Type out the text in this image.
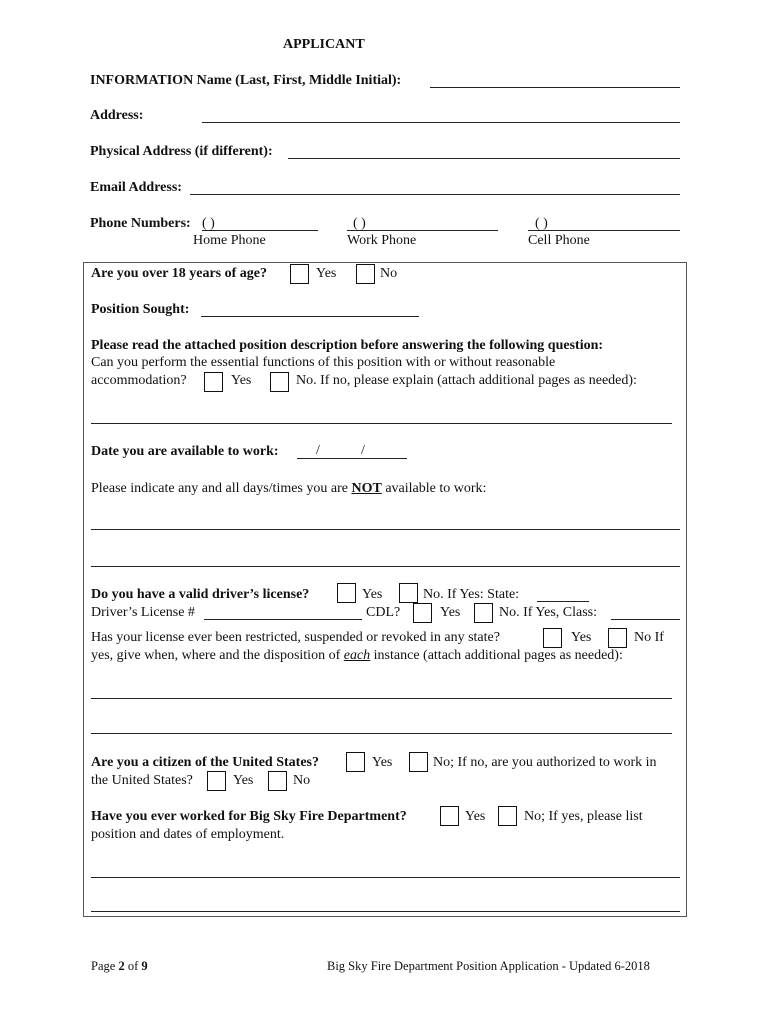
APPLICANT
INFORMATION Name (Last, First, Middle Initial):
Address:
Physical Address (if different):
Email Address:
Phone Numbers: ( )	( )	( )
Home Phone	Work Phone	Cell Phone
Are you over 18 years of age?	Yes	No
Position Sought:
Please read the attached position description before answering the following question:
Can you perform the essential functions of this position with or without reasonable
accommodation?	Yes	No. If no, please explain (attach additional pages as needed):
Date you are available to work:	/	/
Please indicate any and all days/times you are NOT available to work:
Do you have a valid driver’s license?	Yes	No. If Yes: State:
Driver’s License #	CDL?	Yes	No. If Yes, Class:
Has your license ever been restricted, suspended or revoked in any state?	Yes	No If
yes, give when, where and the disposition of each instance (attach additional pages as needed):
Are you a citizen of the United States?	Yes	No; If no, are you authorized to work in
the United States?	Yes	No
Have you ever worked for Big Sky Fire Department?	Yes	No; If yes, please list
position and dates of employment.
Page 2 of 9	Big Sky Fire Department Position Application - Updated 6-2018
